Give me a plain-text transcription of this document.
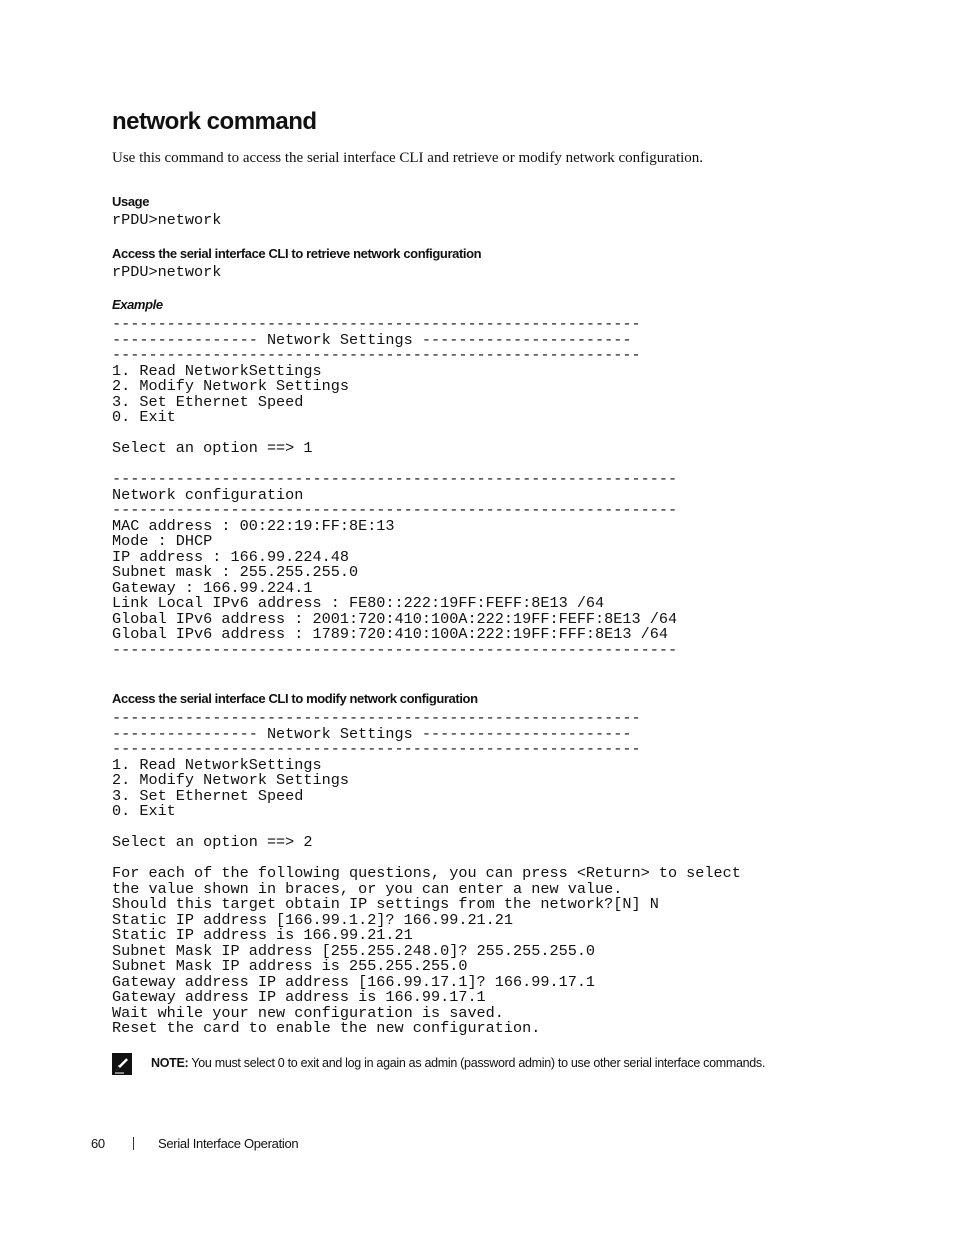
network command
Use this command to access the serial interface CLI and retrieve or modify network configuration.
Usage
rPDU>network
Access the serial interface CLI to retrieve network configuration
rPDU>network
Example
----------------------------------------------------------
---------------- Network Settings -----------------------
----------------------------------------------------------
1. Read NetworkSettings
2. Modify Network Settings
3. Set Ethernet Speed
0. Exit

Select an option ==> 1

--------------------------------------------------------------
Network configuration
--------------------------------------------------------------
MAC address : 00:22:19:FF:8E:13
Mode : DHCP
IP address : 166.99.224.48
Subnet mask : 255.255.255.0
Gateway : 166.99.224.1
Link Local IPv6 address : FE80::222:19FF:FEFF:8E13 /64
Global IPv6 address : 2001:720:410:100A:222:19FF:FEFF:8E13 /64
Global IPv6 address : 1789:720:410:100A:222:19FF:FFF:8E13 /64
--------------------------------------------------------------
Access the serial interface CLI to modify network configuration
----------------------------------------------------------
---------------- Network Settings -----------------------
----------------------------------------------------------
1. Read NetworkSettings
2. Modify Network Settings
3. Set Ethernet Speed
0. Exit

Select an option ==> 2

For each of the following questions, you can press <Return> to select
the value shown in braces, or you can enter a new value.
Should this target obtain IP settings from the network?[N] N
Static IP address [166.99.1.2]? 166.99.21.21
Static IP address is 166.99.21.21
Subnet Mask IP address [255.255.248.0]? 255.255.255.0
Subnet Mask IP address is 255.255.255.0
Gateway address IP address [166.99.17.1]? 166.99.17.1
Gateway address IP address is 166.99.17.1
Wait while your new configuration is saved.
Reset the card to enable the new configuration.
NOTE: You must select 0 to exit and log in again as admin (password admin) to use other serial interface commands.
60	Serial Interface Operation
